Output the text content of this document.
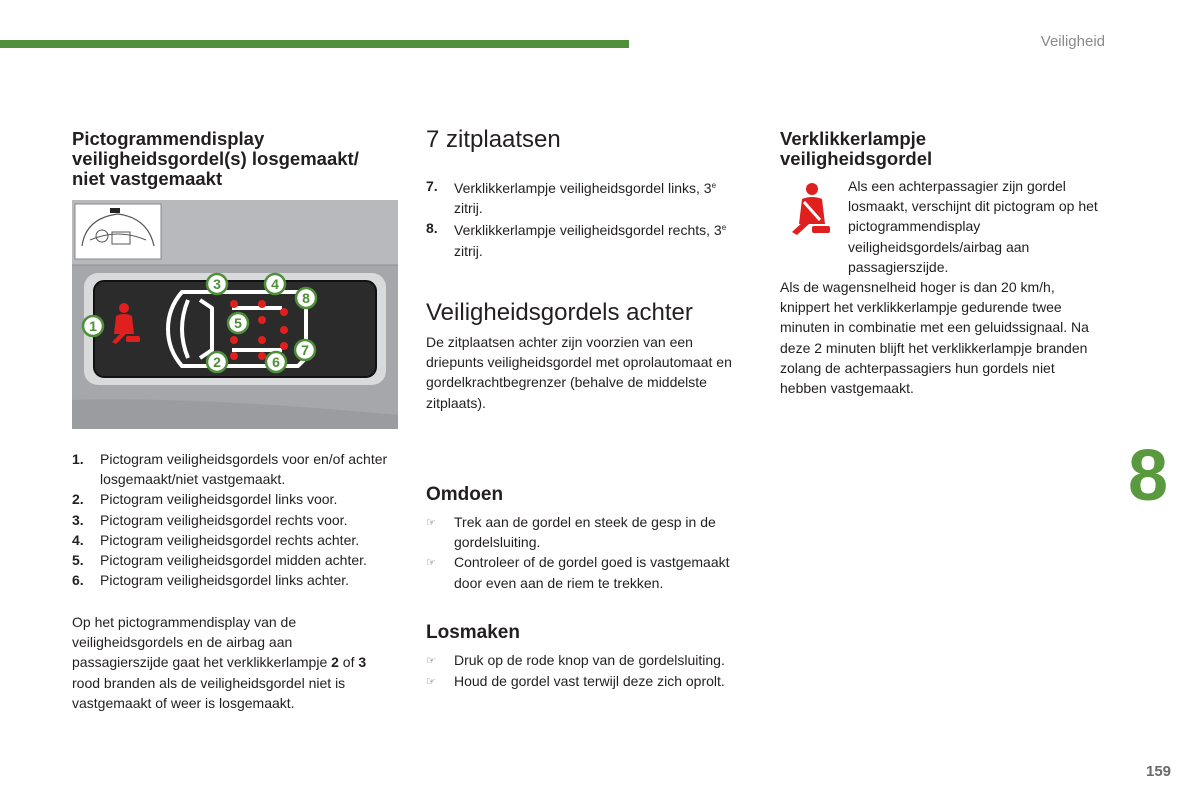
Veiligheid
8
159
Pictogrammendisplay
veiligheidsgordel(s) losgemaakt/
niet vastgemaakt
1
2
3	4
5
6
7
8
1.	Pictogram veiligheidsgordels voor en/of achter losgemaakt/niet vastgemaakt.
2.	Pictogram veiligheidsgordel links voor.
3.	Pictogram veiligheidsgordel rechts voor.
4.	Pictogram veiligheidsgordel rechts achter.
5.	Pictogram veiligheidsgordel midden achter.
6.	Pictogram veiligheidsgordel links achter.
Op het pictogrammendisplay van de veiligheidsgordels en de airbag aan passagierszijde gaat het verklikkerlampje 2 of 3 rood branden als de veiligheidsgordel niet is vastgemaakt of weer is losgemaakt.
7 zitplaatsen
7.	Verklikkerlampje veiligheidsgordel links, 3e zitrij.
8.	Verklikkerlampje veiligheidsgordel rechts, 3e zitrij.
Veiligheidsgordels achter
De zitplaatsen achter zijn voorzien van een driepunts veiligheidsgordel met oprolautomaat en gordelkrachtbegrenzer (behalve de middelste zitplaats).
Omdoen
☞	Trek aan de gordel en steek de gesp in de gordelsluiting.
☞	Controleer of de gordel goed is vastgemaakt door even aan de riem te trekken.
Losmaken
☞	Druk op de rode knop van de gordelsluiting.
☞	Houd de gordel vast terwijl deze zich oprolt.
Verklikkerlampje
veiligheidsgordel
Als een achterpassagier zijn gordel losmaakt, verschijnt dit pictogram op het pictogrammendisplay veiligheidsgordels/airbag aan passagierszijde.
Als de wagensnelheid hoger is dan 20 km/h, knippert het verklikkerlampje gedurende twee minuten in combinatie met een geluidssignaal. Na deze 2 minuten blijft het verklikkerlampje branden zolang de achterpassagiers hun gordels niet hebben vastgemaakt.
